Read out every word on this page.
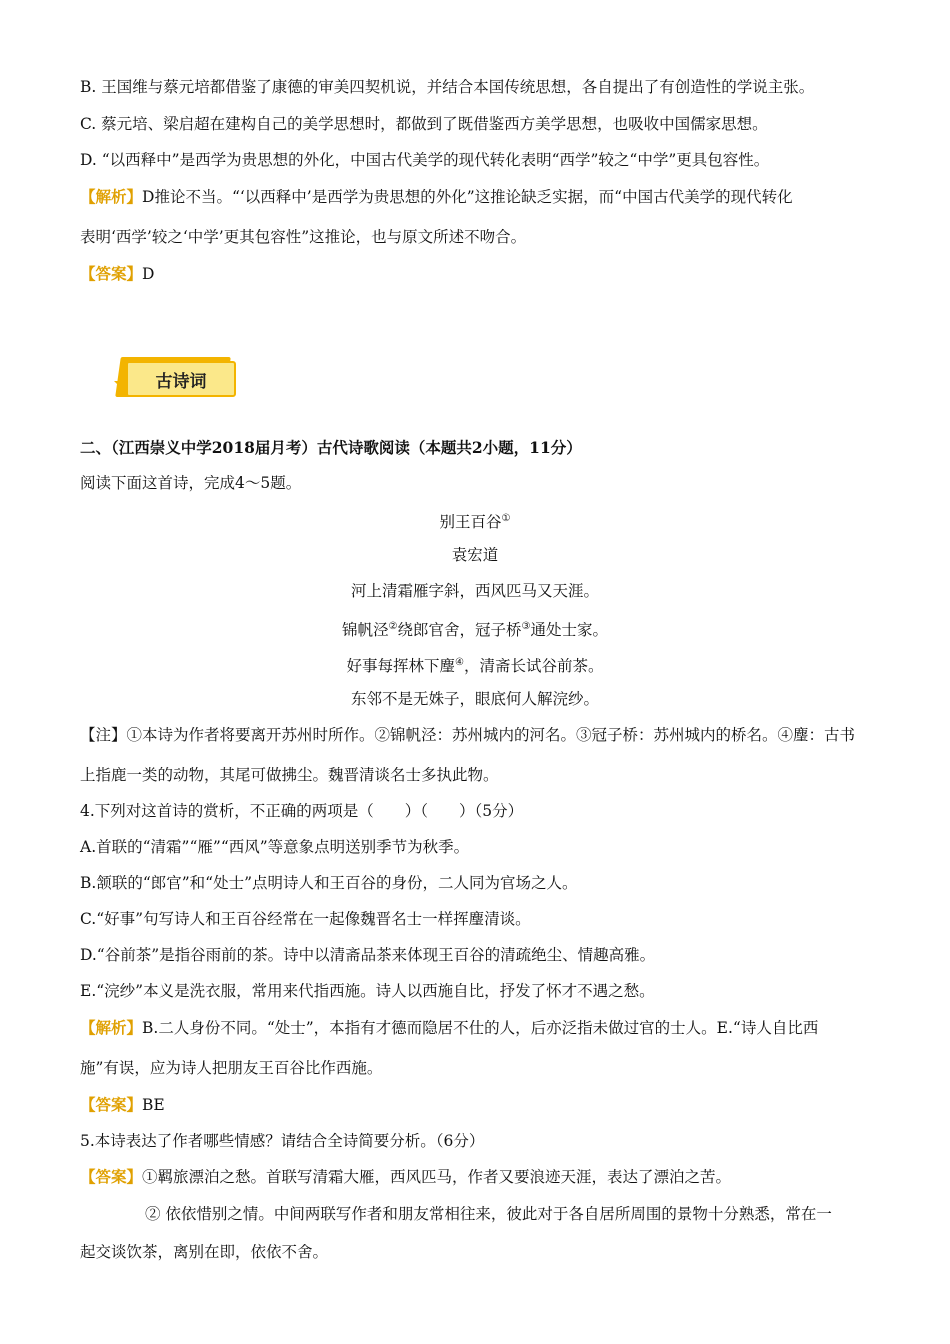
B. 王国维与蔡元培都借鉴了康德的审美四契机说，并结合本国传统思想，各自提出了有创造性的学说主张。
C. 蔡元培、梁启超在建构自己的美学思想时，都做到了既借鉴西方美学思想，也吸收中国儒家思想。
D. “以西释中”是西学为贵思想的外化，中国古代美学的现代转化表明“西学”较之“中学”更具包容性。
【解析】D推论不当。“‘以西释中’是西学为贵思想的外化”这推论缺乏实据，而“中国古代美学的现代转化
表明‘西学’较之‘中学’更其包容性”这推论，也与原文所述不吻合。
【答案】D
古诗词
二、（江西崇义中学2018届月考）古代诗歌阅读（本题共2小题，11分）
阅读下面这首诗，完成4～5题。
别王百谷①
袁宏道
河上清霜雁字斜，西风匹马又天涯。
锦帆泾②绕郎官舍，冠子桥③通处士家。
好事每挥林下麈④，清斋长试谷前茶。
东邻不是无姝子，眼底何人解浣纱。
【注】①本诗为作者将要离开苏州时所作。②锦帆泾：苏州城内的河名。③冠子桥：苏州城内的桥名。④麈：古书
上指鹿一类的动物，其尾可做拂尘。魏晋清谈名士多执此物。
4.下列对这首诗的赏析，不正确的两项是（　　）（　　）（5分）
A.首联的“清霜”“雁”“西风”等意象点明送别季节为秋季。
B.颔联的“郎官”和“处士”点明诗人和王百谷的身份，二人同为官场之人。
C.“好事”句写诗人和王百谷经常在一起像魏晋名士一样挥麈清谈。
D.“谷前茶”是指谷雨前的茶。诗中以清斋品茶来体现王百谷的清疏绝尘、情趣高雅。
E.“浣纱”本义是洗衣服，常用来代指西施。诗人以西施自比，抒发了怀才不遇之愁。
【解析】B.二人身份不同。“处士”，本指有才德而隐居不仕的人，后亦泛指未做过官的士人。E.“诗人自比西
施”有误，应为诗人把朋友王百谷比作西施。
【答案】BE
5.本诗表达了作者哪些情感？请结合全诗简要分析。（6分）
【答案】①羁旅漂泊之愁。首联写清霜大雁，西风匹马，作者又要浪迹天涯，表达了漂泊之苦。
② 依依惜别之情。中间两联写作者和朋友常相往来，彼此对于各自居所周围的景物十分熟悉，常在一
起交谈饮茶，离别在即，依依不舍。
